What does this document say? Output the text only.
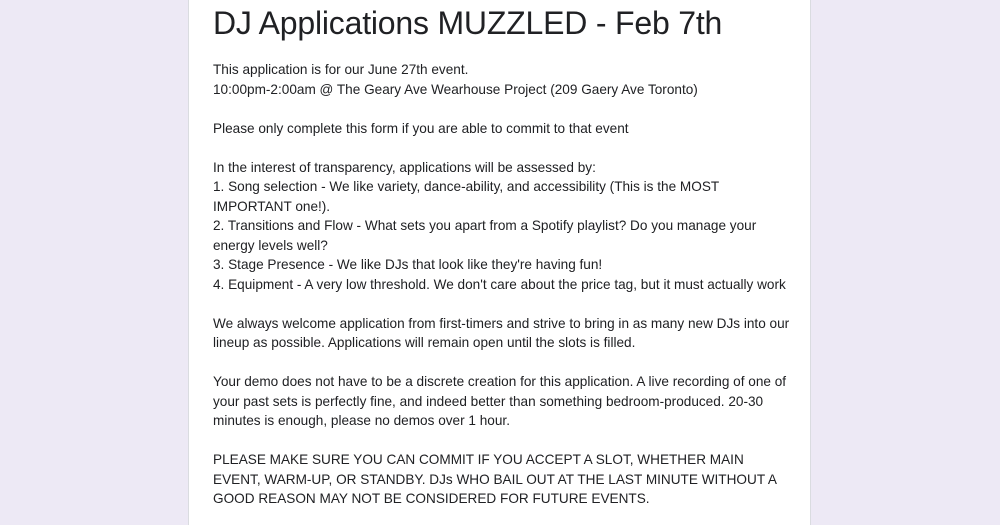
DJ Applications MUZZLED - Feb 7th

This application is for our June 27th event.

10:00pm-2:00am @ The Geary Ave Wearhouse Project (209 Gaery Ave Toronto)

Please only complete this form if you are able to commit to that event

In the interest of transparency, applications will be assessed by:

1. Song selection - We like variety, dance-ability, and accessibility (This is the MOST IMPORTANT one!).

2. Transitions and Flow - What sets you apart from a Spotify playlist? Do you manage your energy levels well?

3. Stage Presence - We like DJs that look like they're having fun!

4. Equipment - A very low threshold. We don't care about the price tag, but it must actually work

We always welcome application from first-timers and strive to bring in as many new DJs into our lineup as possible. Applications will remain open until the slots is filled.

Your demo does not have to be a discrete creation for this application. A live recording of one of your past sets is perfectly fine, and indeed better than something bedroom-produced. 20-30 minutes is enough, please no demos over 1 hour.

PLEASE MAKE SURE YOU CAN COMMIT IF YOU ACCEPT A SLOT, WHETHER MAIN EVENT, WARM-UP, OR STANDBY. DJs WHO BAIL OUT AT THE LAST MINUTE WITHOUT A GOOD REASON MAY NOT BE CONSIDERED FOR FUTURE EVENTS.
